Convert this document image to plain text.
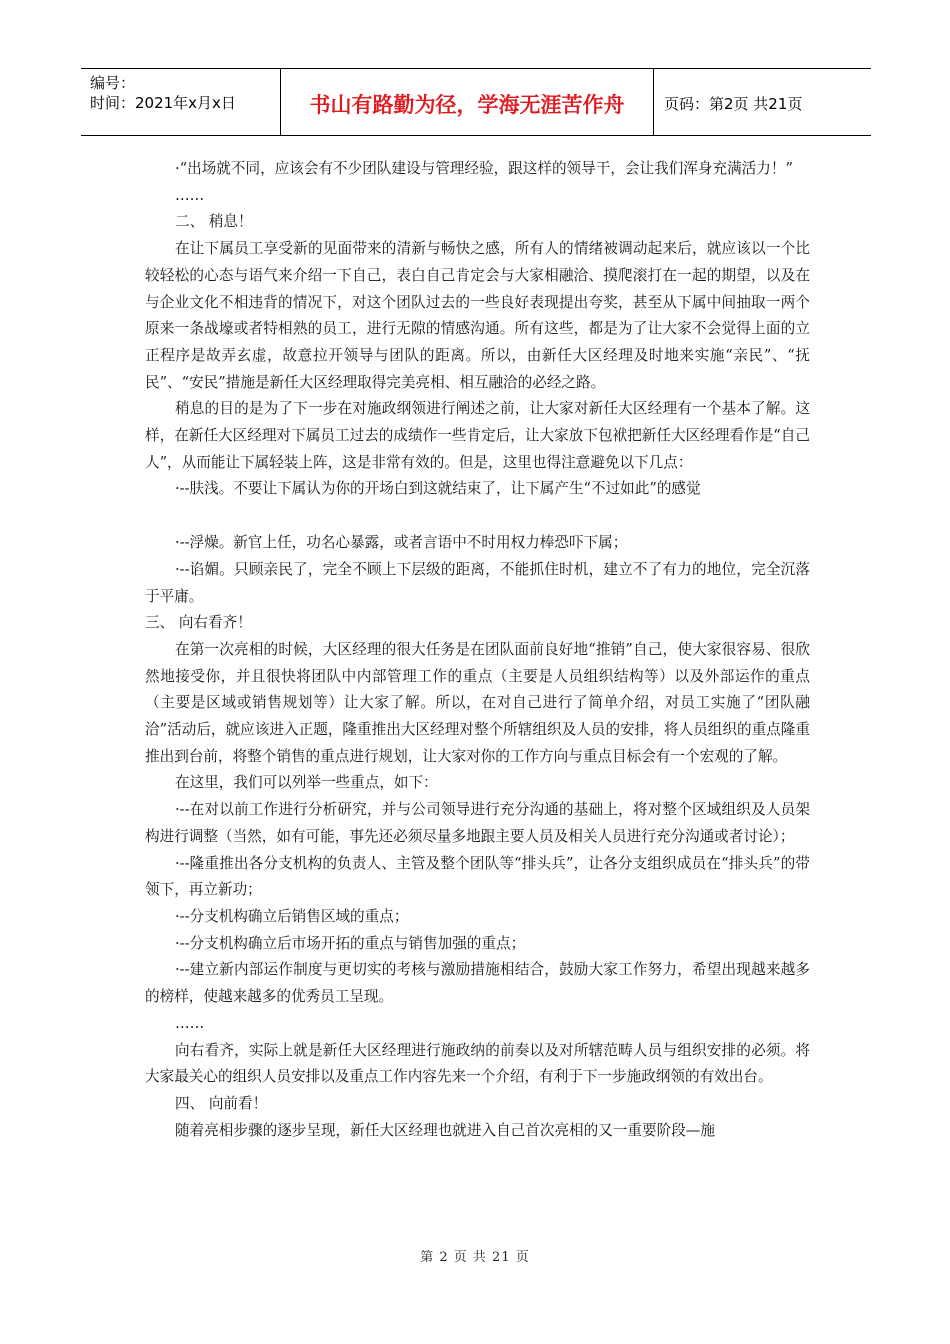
编号：
时间：2021年x月x日	书山有路勤为径，学海无涯苦作舟	页码：第2页 共21页

·“出场就不同，应该会有不少团队建设与管理经验，跟这样的领导干，会让我们浑身充满活力！”

……

二、 稍息！

在让下属员工享受新的见面带来的清新与畅快之感，所有人的情绪被调动起来后，就应该以一个比较轻松的心态与语气来介绍一下自己，表白自己肯定会与大家相融洽、摸爬滚打在一起的期望，以及在与企业文化不相违背的情况下，对这个团队过去的一些良好表现提出夸奖，甚至从下属中间抽取一两个原来一条战壕或者特相熟的员工，进行无隙的情感沟通。所有这些，都是为了让大家不会觉得上面的立正程序是故弄玄虚，故意拉开领导与团队的距离。所以，由新任大区经理及时地来实施“亲民”、“抚民”、“安民”措施是新任大区经理取得完美亮相、相互融洽的必经之路。

稍息的目的是为了下一步在对施政纲领进行阐述之前，让大家对新任大区经理有一个基本了解。这样，在新任大区经理对下属员工过去的成绩作一些肯定后，让大家放下包袱把新任大区经理看作是“自己人”，从而能让下属轻装上阵，这是非常有效的。但是，这里也得注意避免以下几点：

·--肤浅。不要让下属认为你的开场白到这就结束了，让下属产生“不过如此”的感觉

·--浮燥。新官上任，功名心暴露，或者言语中不时用权力棒恐吓下属；

·--谄媚。只顾亲民了，完全不顾上下层级的距离，不能抓住时机，建立不了有力的地位，完全沉落于平庸。

三、 向右看齐！

在第一次亮相的时候，大区经理的很大任务是在团队面前良好地“推销”自己，使大家很容易、很欣然地接受你，并且很快将团队中内部管理工作的重点（主要是人员组织结构等）以及外部运作的重点（主要是区域或销售规划等）让大家了解。所以，在对自己进行了简单介绍，对员工实施了“团队融洽”活动后，就应该进入正题，隆重推出大区经理对整个所辖组织及人员的安排，将人员组织的重点隆重推出到台前，将整个销售的重点进行规划，让大家对你的工作方向与重点目标会有一个宏观的了解。

在这里，我们可以列举一些重点，如下：

·--在对以前工作进行分析研究，并与公司领导进行充分沟通的基础上，将对整个区域组织及人员架构进行调整（当然，如有可能，事先还必须尽量多地跟主要人员及相关人员进行充分沟通或者讨论）；

·--隆重推出各分支机构的负责人、主管及整个团队等“排头兵”，让各分支组织成员在“排头兵”的带领下，再立新功；

·--分支机构确立后销售区域的重点；

·--分支机构确立后市场开拓的重点与销售加强的重点；

·--建立新内部运作制度与更切实的考核与激励措施相结合，鼓励大家工作努力，希望出现越来越多的榜样，使越来越多的优秀员工呈现。

……

向右看齐，实际上就是新任大区经理进行施政纳的前奏以及对所辖范畴人员与组织安排的必须。将大家最关心的组织人员安排以及重点工作内容先来一个介绍，有利于下一步施政纲领的有效出台。

四、 向前看！

随着亮相步骤的逐步呈现，新任大区经理也就进入自己首次亮相的又一重要阶段—施

第 2 页 共 21 页
